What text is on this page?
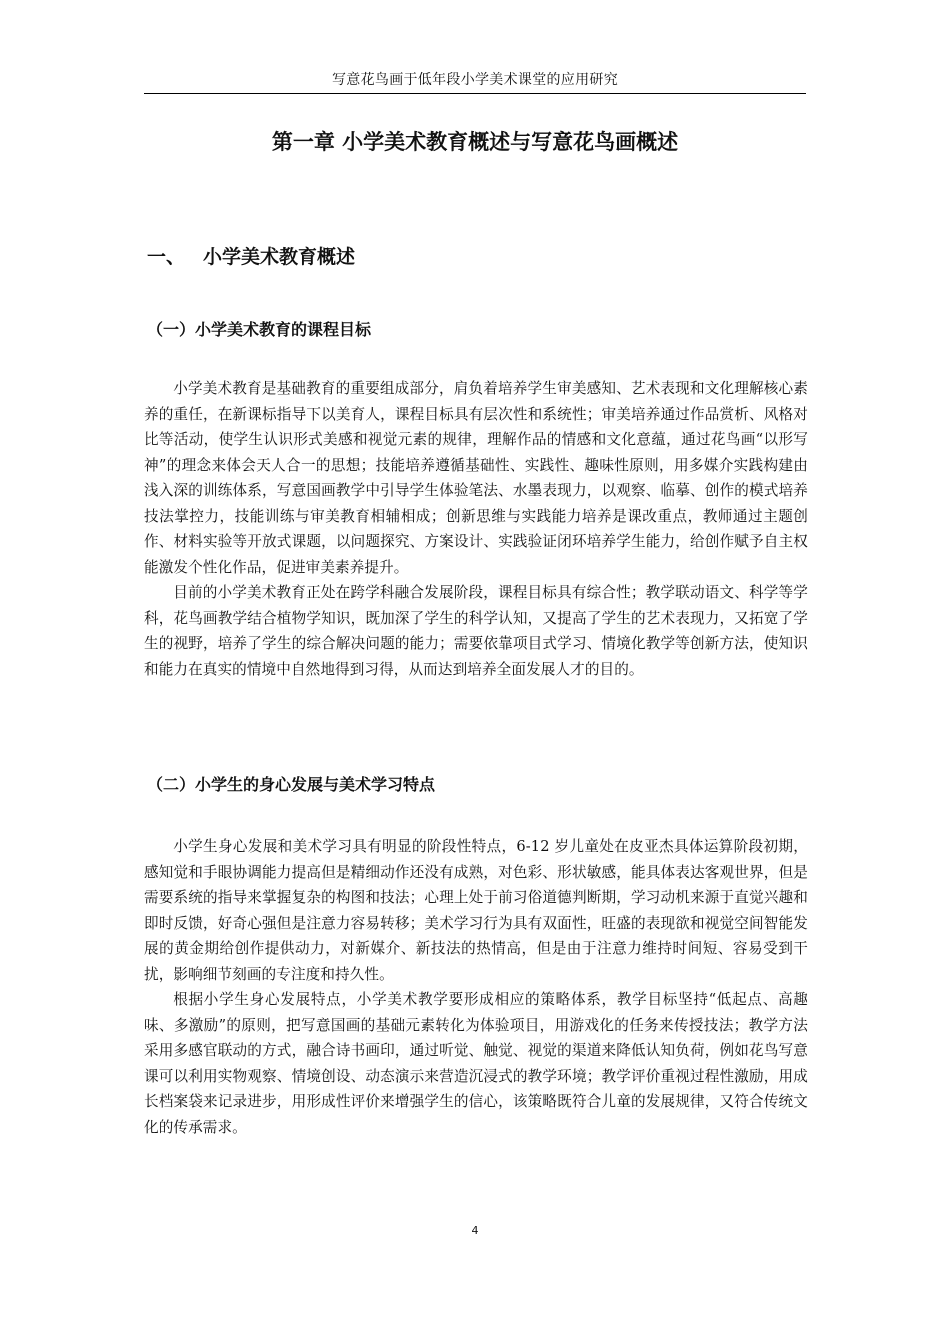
写意花鸟画于低年段小学美术课堂的应用研究
第一章 小学美术教育概述与写意花鸟画概述
一、 小学美术教育概述
（一）小学美术教育的课程目标

小学美术教育是基础教育的重要组成部分，肩负着培养学生审美感知、艺术表现和文化理解核心素养的重任，在新课标指导下以美育人，课程目标具有层次性和系统性；审美培养通过作品赏析、风格对比等活动，使学生认识形式美感和视觉元素的规律，理解作品的情感和文化意蕴，通过花鸟画“以形写神”的理念来体会天人合一的思想；技能培养遵循基础性、实践性、趣味性原则，用多媒介实践构建由浅入深的训练体系，写意国画教学中引导学生体验笔法、水墨表现力，以观察、临摹、创作的模式培养技法掌控力，技能训练与审美教育相辅相成；创新思维与实践能力培养是课改重点，教师通过主题创作、材料实验等开放式课题，以问题探究、方案设计、实践验证闭环培养学生能力，给创作赋予自主权能激发个性化作品，促进审美素养提升。

目前的小学美术教育正处在跨学科融合发展阶段，课程目标具有综合性；教学联动语文、科学等学科，花鸟画教学结合植物学知识，既加深了学生的科学认知，又提高了学生的艺术表现力，又拓宽了学生的视野，培养了学生的综合解决问题的能力；需要依靠项目式学习、情境化教学等创新方法，使知识和能力在真实的情境中自然地得到习得，从而达到培养全面发展人才的目的。

（二）小学生的身心发展与美术学习特点

小学生身心发展和美术学习具有明显的阶段性特点，6-12 岁儿童处在皮亚杰具体运算阶段初期，感知觉和手眼协调能力提高但是精细动作还没有成熟，对色彩、形状敏感，能具体表达客观世界，但是需要系统的指导来掌握复杂的构图和技法；心理上处于前习俗道德判断期，学习动机来源于直觉兴趣和即时反馈，好奇心强但是注意力容易转移；美术学习行为具有双面性，旺盛的表现欲和视觉空间智能发展的黄金期给创作提供动力，对新媒介、新技法的热情高，但是由于注意力维持时间短、容易受到干扰，影响细节刻画的专注度和持久性。

根据小学生身心发展特点，小学美术教学要形成相应的策略体系，教学目标坚持“低起点、高趣味、多激励”的原则，把写意国画的基础元素转化为体验项目，用游戏化的任务来传授技法；教学方法采用多感官联动的方式，融合诗书画印，通过听觉、触觉、视觉的渠道来降低认知负荷，例如花鸟写意课可以利用实物观察、情境创设、动态演示来营造沉浸式的教学环境；教学评价重视过程性激励，用成长档案袋来记录进步，用形成性评价来增强学生的信心，该策略既符合儿童的发展规律，又符合传统文化的传承需求。

4
